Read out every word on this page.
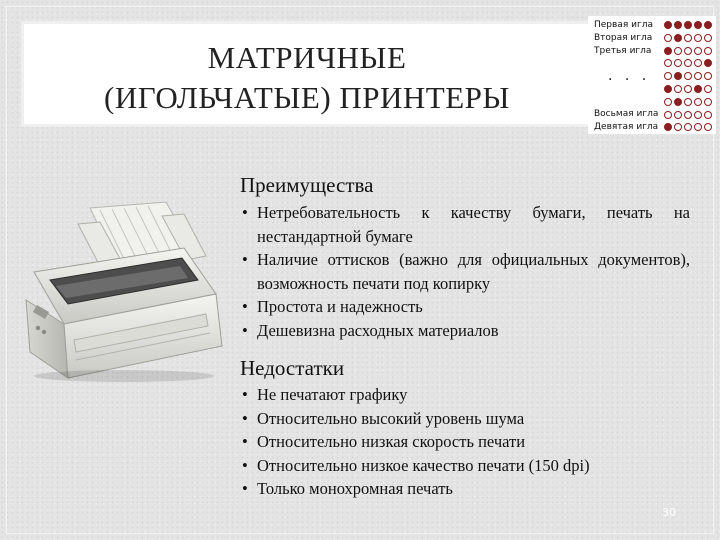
МАТРИЧНЫЕ
(ИГОЛЬЧАТЫЕ) ПРИНТЕРЫ
Первая игла
Вторая игла
Третья игла
. . .
Восьмая игла
Девятая игла
Преимущества
• Нетребовательность к качеству бумаги, печать на нестандартной бумаге
• Наличие оттисков (важно для официальных документов), возможность печати под копирку
• Простота и надежность
• Дешевизна расходных материалов
Недостатки
• Не печатают графику
• Относительно высокий уровень шума
• Относительно низкая скорость печати
• Относительно низкое качество печати (150 dpi)
• Только монохромная печать
30
